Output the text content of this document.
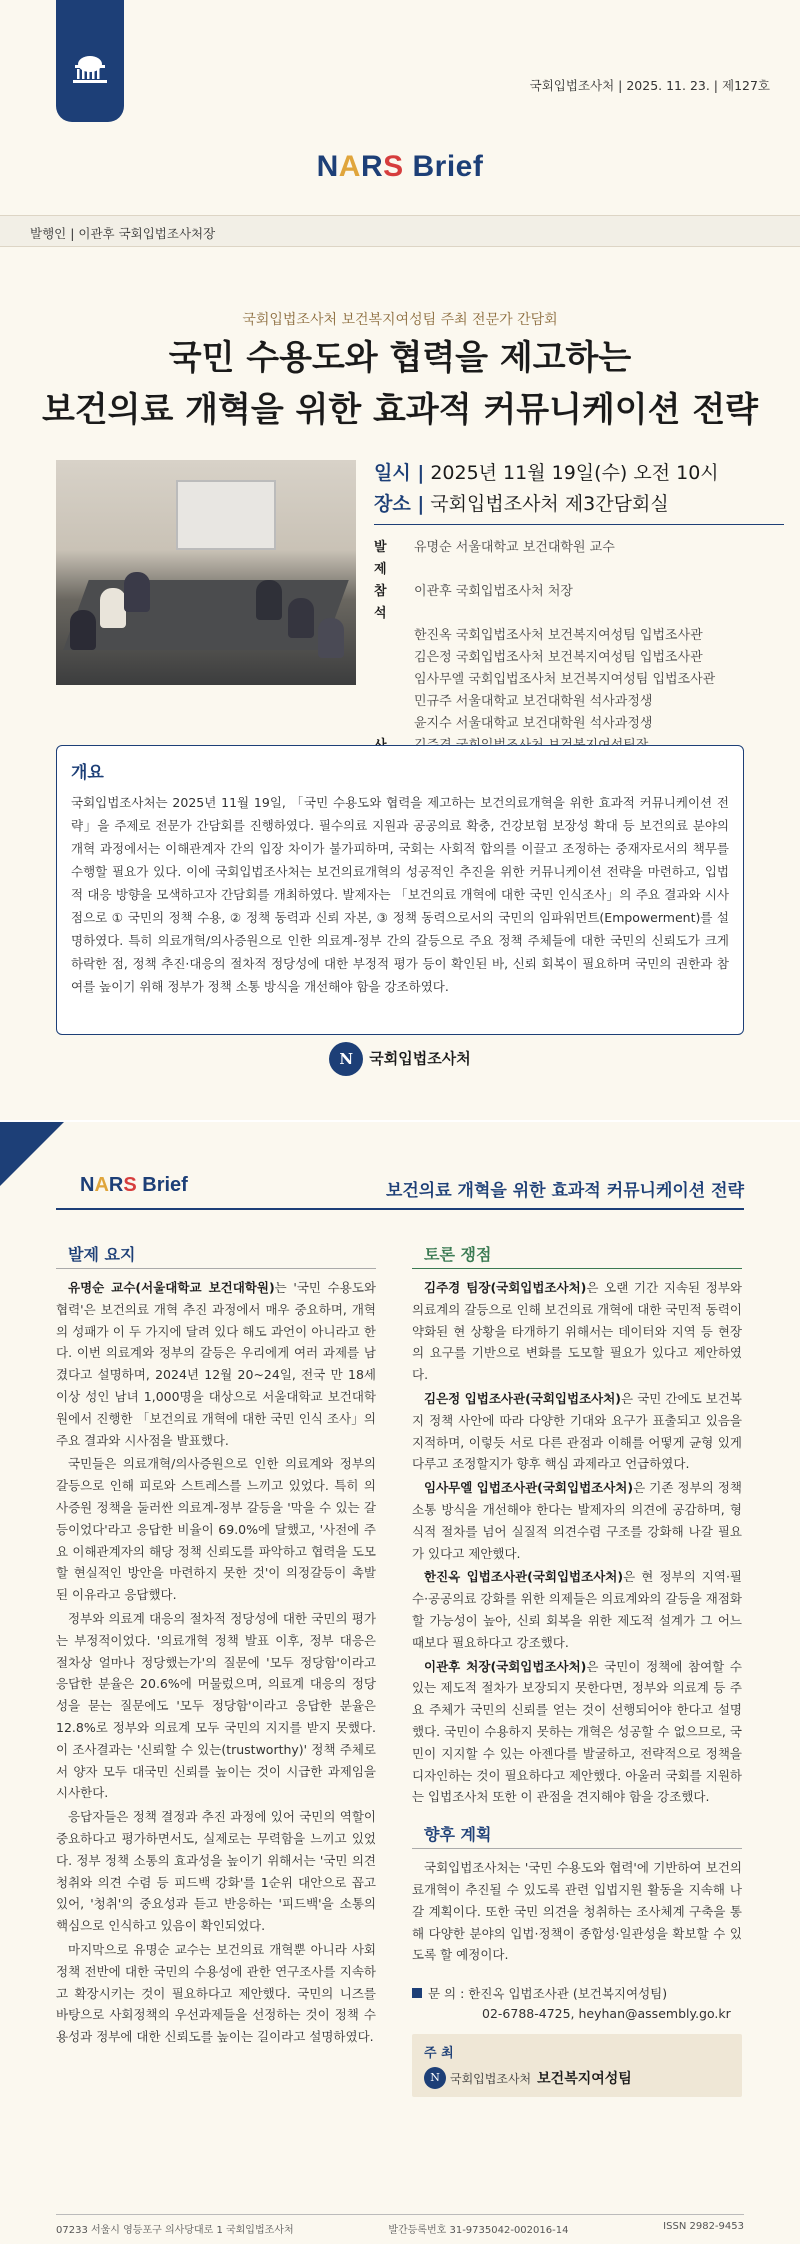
국회입법조사처 | 2025. 11. 23. | 제127호
NARS Brief
발행인 | 이관후 국회입법조사처장
국회입법조사처 보건복지여성팀 주최 전문가 간담회
국민 수용도와 협력을 제고하는
보건의료 개혁을 위한 효과적 커뮤니케이션 전략
일시 | 2025년 11월 19일(수) 오전 10시
장소 | 국회입법조사처 제3간담회실
발 제
유명순 서울대학교 보건대학원 교수
참 석
이관후 국회입법조사처 처장
한진옥 국회입법조사처 보건복지여성팀 입법조사관
김은정 국회입법조사처 보건복지여성팀 입법조사관
임사무엘 국회입법조사처 보건복지여성팀 입법조사관
민규주 서울대학교 보건대학원 석사과정생
윤지수 서울대학교 보건대학원 석사과정생
개요
국회입법조사처는 2025년 11월 19일, 「국민 수용도와 협력을 제고하는 보건의료개혁을 위한 효과적 커뮤니케이션 전략」을 주제로 전문가 간담회를 진행하였다. 필수의료 지원과 공공의료 확충, 건강보험 보장성 확대 등 보건의료 분야의 개혁 과정에서는 이해관계자 간의 입장 차이가 불가피하며, 국회는 사회적 합의를 이끌고 조정하는 중재자로서의 책무를 수행할 필요가 있다. 이에 국회입법조사처는 보건의료개혁의 성공적인 추진을 위한 커뮤니케이션 전략을 마련하고, 입법적 대응 방향을 모색하고자 간담회를 개최하였다. 발제자는 「보건의료 개혁에 대한 국민 인식조사」의 주요 결과와 시사점으로 ① 국민의 정책 수용, ② 정책 동력과 신뢰 자본, ③ 정책 동력으로서의 국민의 임파워먼트(Empowerment)를 설명하였다. 특히 의료개혁/의사증원으로 인한 의료계-정부 간의 갈등으로 주요 정책 주체들에 대한 국민의 신뢰도가 크게 하락한 점, 정책 추진·대응의 절차적 정당성에 대한 부정적 평가 등이 확인된 바, 신뢰 회복이 필요하며 국민의 권한과 참여를 높이기 위해 정부가 정책 소통 방식을 개선해야 함을 강조하였다.
N국회입법조사처
NARS Brief	보건의료 개혁을 위한 효과적 커뮤니케이션 전략
발제 요지

유명순 교수(서울대학교 보건대학원)는 '국민 수용도와 협력'은 보건의료 개혁 추진 과정에서 매우 중요하며, 개혁의 성패가 이 두 가지에 달려 있다 해도 과언이 아니라고 한다. 이번 의료계와 정부의 갈등은 우리에게 여러 과제를 남겼다고 설명하며, 2024년 12월 20~24일, 전국 만 18세 이상 성인 남녀 1,000명을 대상으로 서울대학교 보건대학원에서 진행한 「보건의료 개혁에 대한 국민 인식 조사」의 주요 결과와 시사점을 발표했다.

국민들은 의료개혁/의사증원으로 인한 의료계와 정부의 갈등으로 인해 피로와 스트레스를 느끼고 있었다. 특히 의사증원 정책을 둘러싼 의료계-정부 갈등을 '막을 수 있는 갈등이었다'라고 응답한 비율이 69.0%에 달했고, '사전에 주요 이해관계자의 해당 정책 신뢰도를 파악하고 협력을 도모할 현실적인 방안을 마련하지 못한 것'이 의정갈등이 촉발된 이유라고 응답했다.

정부와 의료계 대응의 절차적 정당성에 대한 국민의 평가는 부정적이었다. '의료개혁 정책 발표 이후, 정부 대응은 절차상 얼마나 정당했는가'의 질문에 '모두 정당함'이라고 응답한 분율은 20.6%에 머물렀으며, 의료계 대응의 정당성을 묻는 질문에도 '모두 정당함'이라고 응답한 분율은 12.8%로 정부와 의료계 모두 국민의 지지를 받지 못했다. 이 조사결과는 '신뢰할 수 있는(trustworthy)' 정책 주체로서 양자 모두 대국민 신뢰를 높이는 것이 시급한 과제임을 시사한다.

응답자들은 정책 결정과 추진 과정에 있어 국민의 역할이 중요하다고 평가하면서도, 실제로는 무력함을 느끼고 있었다. 정부 정책 소통의 효과성을 높이기 위해서는 '국민 의견 청취와 의견 수렴 등 피드백 강화'를 1순위 대안으로 꼽고 있어, '청취'의 중요성과 듣고 반응하는 '피드백'을 소통의 핵심으로 인식하고 있음이 확인되었다.

마지막으로 유명순 교수는 보건의료 개혁뿐 아니라 사회정책 전반에 대한 국민의 수용성에 관한 연구조사를 지속하고 확장시키는 것이 필요하다고 제안했다. 국민의 니즈를 바탕으로 사회정책의 우선과제들을 선정하는 것이 정책 수용성과 정부에 대한 신뢰도를 높이는 길이라고 설명하였다.

토론 쟁점

김주경 팀장(국회입법조사처)은 오랜 기간 지속된 정부와 의료계의 갈등으로 인해 보건의료 개혁에 대한 국민적 동력이 약화된 현 상황을 타개하기 위해서는 데이터와 지역 등 현장의 요구를 기반으로 변화를 도모할 필요가 있다고 제안하였다.

김은정 입법조사관(국회입법조사처)은 국민 간에도 보건복지 정책 사안에 따라 다양한 기대와 요구가 표출되고 있음을 지적하며, 이렇듯 서로 다른 관점과 이해를 어떻게 균형 있게 다루고 조정할지가 향후 핵심 과제라고 언급하였다.

임사무엘 입법조사관(국회입법조사처)은 기존 정부의 정책 소통 방식을 개선해야 한다는 발제자의 의견에 공감하며, 형식적 절차를 넘어 실질적 의견수렴 구조를 강화해 나갈 필요가 있다고 제안했다.

한진옥 입법조사관(국회입법조사처)은 현 정부의 지역·필수·공공의료 강화를 위한 의제들은 의료계와의 갈등을 재점화할 가능성이 높아, 신뢰 회복을 위한 제도적 설계가 그 어느 때보다 필요하다고 강조했다.

이관후 처장(국회입법조사처)은 국민이 정책에 참여할 수 있는 제도적 절차가 보장되지 못한다면, 정부와 의료계 등 주요 주체가 국민의 신뢰를 얻는 것이 선행되어야 한다고 설명했다. 국민이 수용하지 못하는 개혁은 성공할 수 없으므로, 국민이 지지할 수 있는 아젠다를 발굴하고, 전략적으로 정책을 디자인하는 것이 필요하다고 제안했다. 아울러 국회를 지원하는 입법조사처 또한 이 관점을 견지해야 함을 강조했다.

향후 계획

국회입법조사처는 '국민 수용도와 협력'에 기반하여 보건의료개혁이 추진될 수 있도록 관련 입법지원 활동을 지속해 나갈 계획이다. 또한 국민 의견을 청취하는 조사체계 구축을 통해 다양한 분야의 입법·정책이 종합성·일관성을 확보할 수 있도록 할 예정이다.

문 의 : 한진옥 입법조사관 (보건복지여성팀)
02-6788-4725, heyhan@assembly.go.kr
주 최
N
국회입법조사처 보건복지여성팀
07233 서울시 영등포구 의사당대로 1 국회입법조사처	발간등록번호 31-9735042-002016-14	ISSN 2982-9453
